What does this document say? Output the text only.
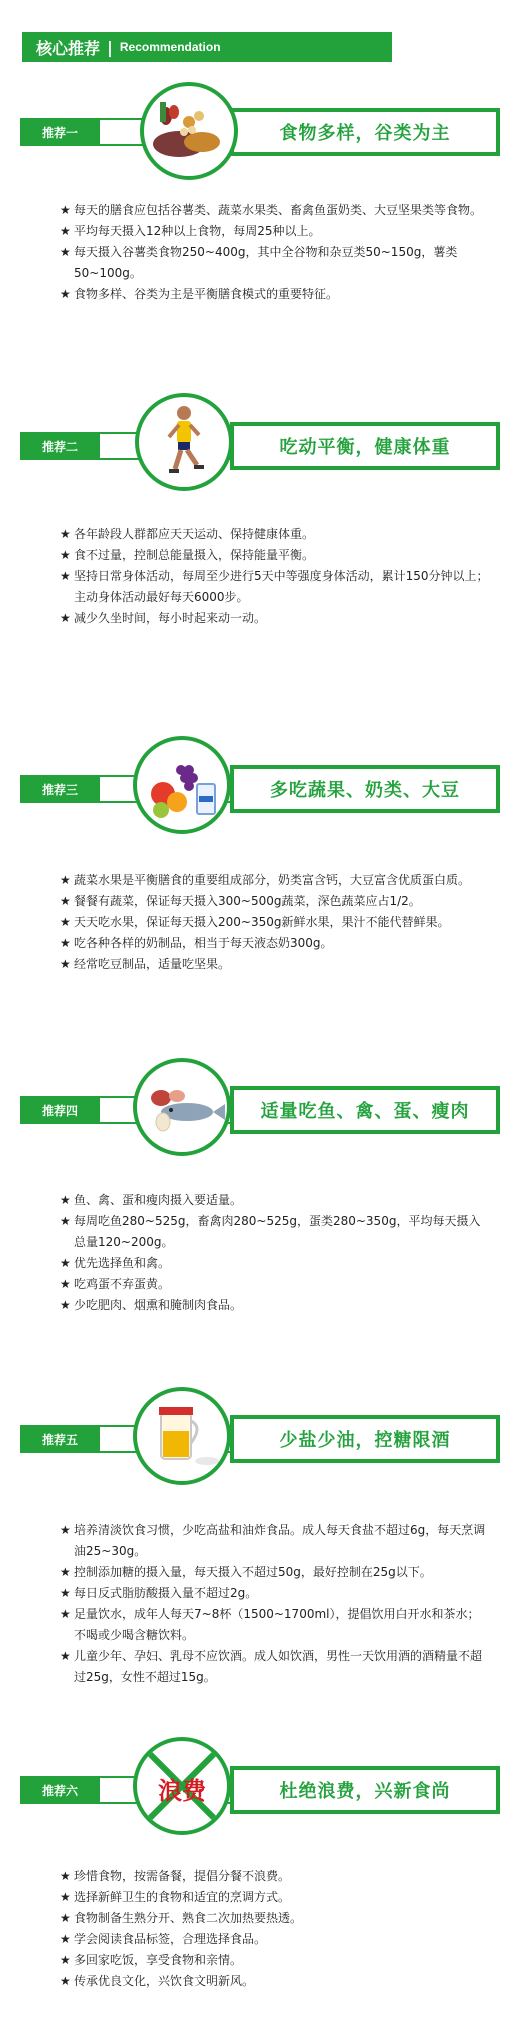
核心推荐 | Recommendation
推荐一	食物多样，谷类为主
★ 每天的膳食应包括谷薯类、蔬菜水果类、畜禽鱼蛋奶类、大豆坚果类等食物。
★ 平均每天摄入12种以上食物，每周25种以上。
★ 每天摄入谷薯类食物250~400g，其中全谷物和杂豆类50~150g，薯类50~100g。
★ 食物多样、谷类为主是平衡膳食模式的重要特征。
推荐二	吃动平衡，健康体重
★ 各年龄段人群都应天天运动、保持健康体重。
★ 食不过量，控制总能量摄入，保持能量平衡。
★ 坚持日常身体活动，每周至少进行5天中等强度身体活动，累计150分钟以上；主动身体活动最好每天6000步。
★ 减少久坐时间，每小时起来动一动。
推荐三	多吃蔬果、奶类、大豆
★ 蔬菜水果是平衡膳食的重要组成部分，奶类富含钙，大豆富含优质蛋白质。
★ 餐餐有蔬菜，保证每天摄入300~500g蔬菜，深色蔬菜应占1/2。
★ 天天吃水果，保证每天摄入200~350g新鲜水果，果汁不能代替鲜果。
★ 吃各种各样的奶制品，相当于每天液态奶300g。
★ 经常吃豆制品，适量吃坚果。
推荐四	适量吃鱼、禽、蛋、瘦肉
★ 鱼、禽、蛋和瘦肉摄入要适量。
★ 每周吃鱼280~525g，畜禽肉280~525g，蛋类280~350g，平均每天摄入总量120~200g。
★ 优先选择鱼和禽。
★ 吃鸡蛋不弃蛋黄。
★ 少吃肥肉、烟熏和腌制肉食品。
推荐五	少盐少油，控糖限酒
★ 培养清淡饮食习惯，少吃高盐和油炸食品。成人每天食盐不超过6g，每天烹调油25~30g。
★ 控制添加糖的摄入量，每天摄入不超过50g，最好控制在25g以下。
★ 每日反式脂肪酸摄入量不超过2g。
★ 足量饮水，成年人每天7~8杯（1500~1700ml），提倡饮用白开水和茶水；不喝或少喝含糖饮料。
★ 儿童少年、孕妇、乳母不应饮酒。成人如饮酒，男性一天饮用酒的酒精量不超过25g，女性不超过15g。
推荐六	杜绝浪费，兴新食尚
浪费
★ 珍惜食物，按需备餐，提倡分餐不浪费。
★ 选择新鲜卫生的食物和适宜的烹调方式。
★ 食物制备生熟分开、熟食二次加热要热透。
★ 学会阅读食品标签，合理选择食品。
★ 多回家吃饭，享受食物和亲情。
★ 传承优良文化，兴饮食文明新风。
